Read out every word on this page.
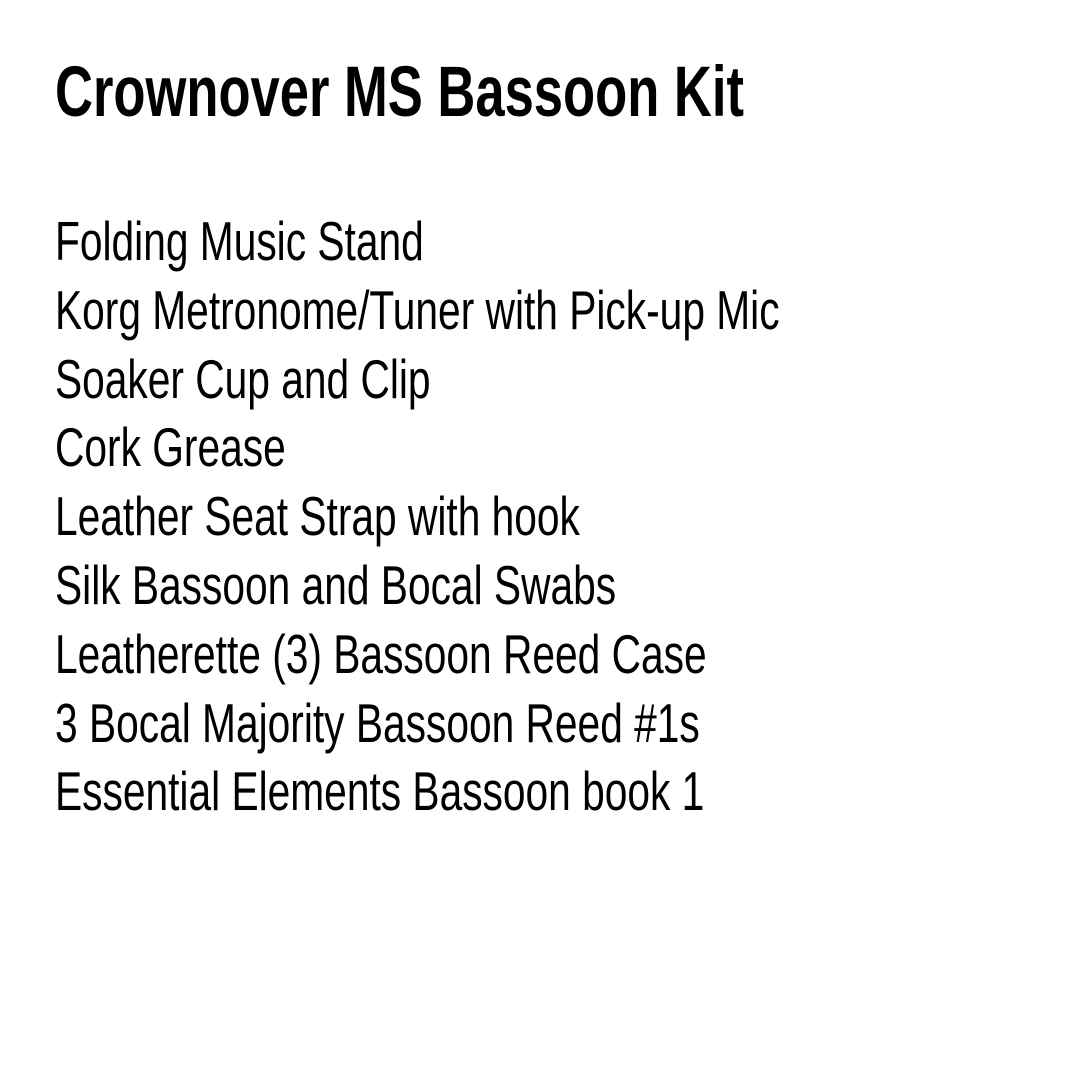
Crownover MS Bassoon Kit
Folding Music Stand
Korg Metronome/Tuner with Pick-up Mic
Soaker Cup and Clip
Cork Grease
Leather Seat Strap with hook
Silk Bassoon and Bocal Swabs
Leatherette (3) Bassoon Reed Case
3 Bocal Majority Bassoon Reed #1s
Essential Elements Bassoon book 1
